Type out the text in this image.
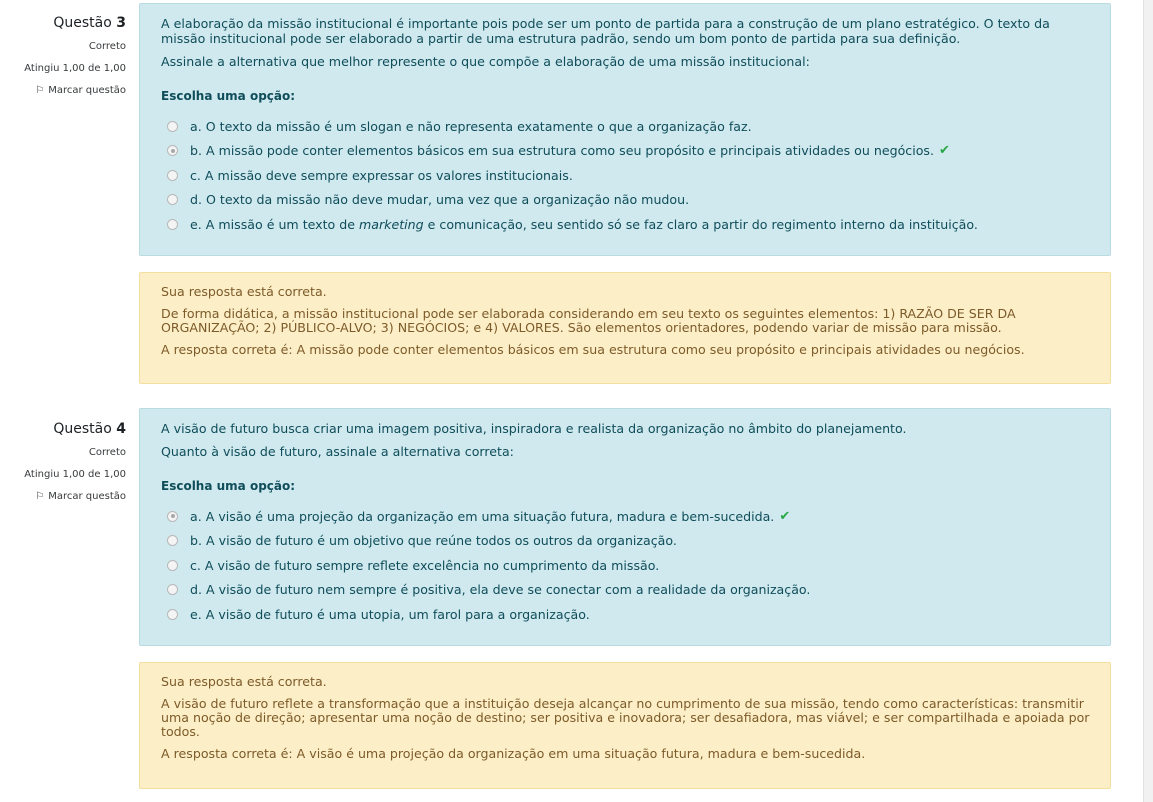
Questão 3
Correto
Atingiu 1,00 de 1,00
⚐ Marcar questão

A elaboração da missão institucional é importante pois pode ser um ponto de partida para a construção de um plano estratégico. O texto da missão institucional pode ser elaborado a partir de uma estrutura padrão, sendo um bom ponto de partida para sua definição.

Assinale a alternativa que melhor represente o que compõe a elaboração de uma missão institucional:

Escolha uma opção:
a. O texto da missão é um slogan e não representa exatamente o que a organização faz.
b. A missão pode conter elementos básicos em sua estrutura como seu propósito e principais atividades ou negócios. ✔
c. A missão deve sempre expressar os valores institucionais.
d. O texto da missão não deve mudar, uma vez que a organização não mudou.
e. A missão é um texto de marketing e comunicação, seu sentido só se faz claro a partir do regimento interno da instituição.

Sua resposta está correta.

De forma didática, a missão institucional pode ser elaborada considerando em seu texto os seguintes elementos: 1) RAZÃO DE SER DA ORGANIZAÇÃO; 2) PÚBLICO-ALVO; 3) NEGÓCIOS; e 4) VALORES. São elementos orientadores, podendo variar de missão para missão.

A resposta correta é: A missão pode conter elementos básicos em sua estrutura como seu propósito e principais atividades ou negócios.

Questão 4
Correto
Atingiu 1,00 de 1,00
⚐ Marcar questão

A visão de futuro busca criar uma imagem positiva, inspiradora e realista da organização no âmbito do planejamento.

Quanto à visão de futuro, assinale a alternativa correta:

Escolha uma opção:
a. A visão é uma projeção da organização em uma situação futura, madura e bem-sucedida. ✔
b. A visão de futuro é um objetivo que reúne todos os outros da organização.
c. A visão de futuro sempre reflete excelência no cumprimento da missão.
d. A visão de futuro nem sempre é positiva, ela deve se conectar com a realidade da organização.
e. A visão de futuro é uma utopia, um farol para a organização.

Sua resposta está correta.

A visão de futuro reflete a transformação que a instituição deseja alcançar no cumprimento de sua missão, tendo como características: transmitir uma noção de direção; apresentar uma noção de destino; ser positiva e inovadora; ser desafiadora, mas viável; e ser compartilhada e apoiada por todos.

A resposta correta é: A visão é uma projeção da organização em uma situação futura, madura e bem-sucedida.
